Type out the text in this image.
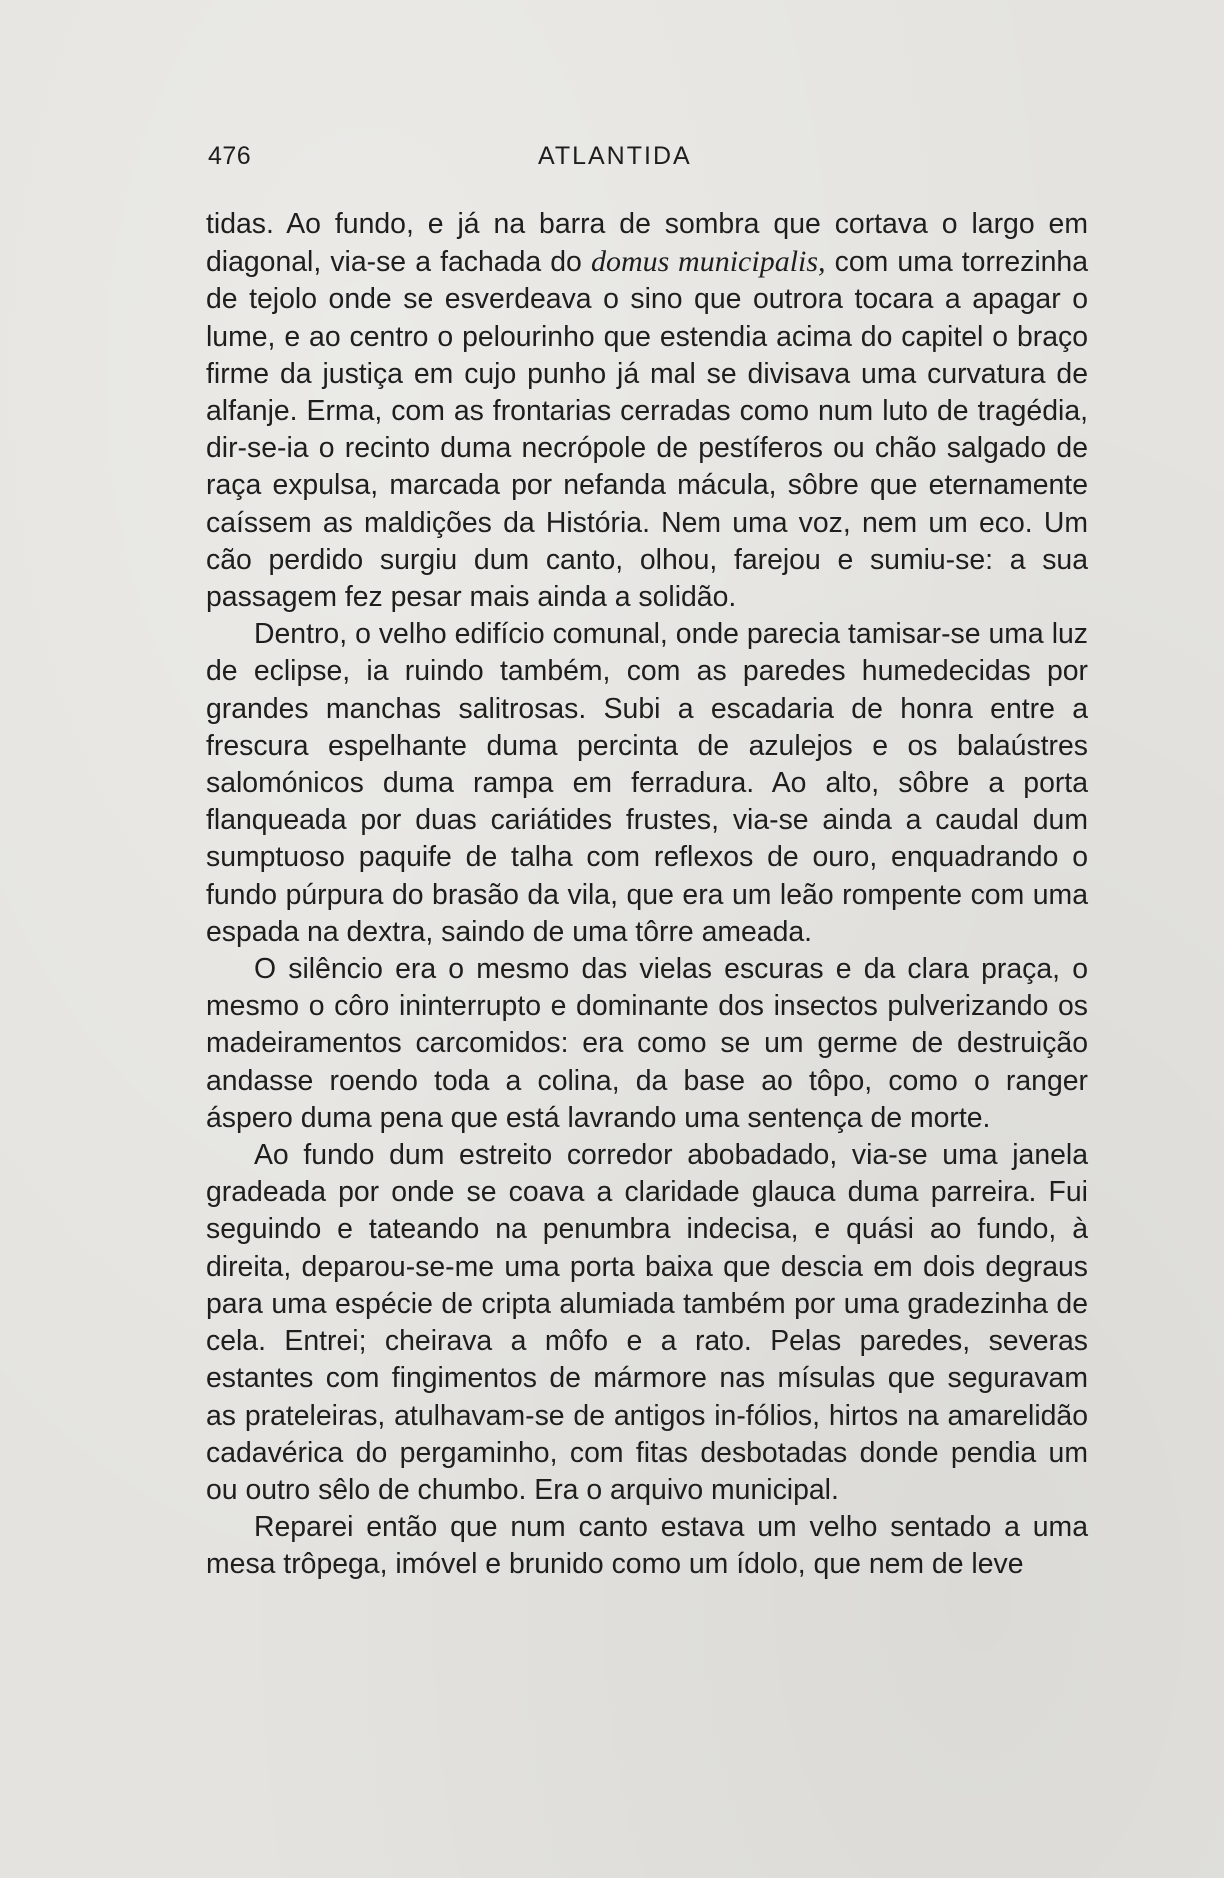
476	ATLANTIDA

tidas. Ao fundo, e já na barra de sombra que cortava o largo em diagonal, via-se a fachada do domus municipalis, com uma torrezinha de tejolo onde se esverdeava o sino que outrora tocara a apagar o lume, e ao centro o pelourinho que estendia acima do capitel o braço firme da justiça em cujo punho já mal se divisava uma curvatura de alfanje. Erma, com as frontarias cerradas como num luto de tragédia, dir-se-ia o recinto duma necrópole de pestíferos ou chão salgado de raça expulsa, marcada por nefanda mácula, sôbre que eternamente caíssem as maldições da História. Nem uma voz, nem um eco. Um cão perdido surgiu dum canto, olhou, farejou e sumiu-se: a sua passagem fez pesar mais ainda a solidão.

Dentro, o velho edifício comunal, onde parecia tamisar-se uma luz de eclipse, ia ruindo também, com as paredes humedecidas por grandes manchas salitrosas. Subi a escadaria de honra entre a frescura espelhante duma percinta de azulejos e os balaústres salomónicos duma rampa em ferradura. Ao alto, sôbre a porta flanqueada por duas cariátides frustes, via-se ainda a caudal dum sumptuoso paquife de talha com reflexos de ouro, enquadrando o fundo púrpura do brasão da vila, que era um leão rompente com uma espada na dextra, saindo de uma tôrre ameada.

O silêncio era o mesmo das vielas escuras e da clara praça, o mesmo o côro ininterrupto e dominante dos insectos pulverizando os madeiramentos carcomidos: era como se um germe de destruição andasse roendo toda a colina, da base ao tôpo, como o ranger áspero duma pena que está lavrando uma sentença de morte.

Ao fundo dum estreito corredor abobadado, via-se uma janela gradeada por onde se coava a claridade glauca duma parreira. Fui seguindo e tateando na penumbra indecisa, e quási ao fundo, à direita, deparou-se-me uma porta baixa que descia em dois degraus para uma espécie de cripta alumiada também por uma gradezinha de cela. Entrei; cheirava a môfo e a rato. Pelas paredes, severas estantes com fingimentos de mármore nas mísulas que seguravam as prateleiras, atulhavam-se de antigos in-fólios, hirtos na amarelidão cadavérica do pergaminho, com fitas desbotadas donde pendia um ou outro sêlo de chumbo. Era o arquivo municipal.

Reparei então que num canto estava um velho sentado a uma mesa trôpega, imóvel e brunido como um ídolo, que nem de leve
